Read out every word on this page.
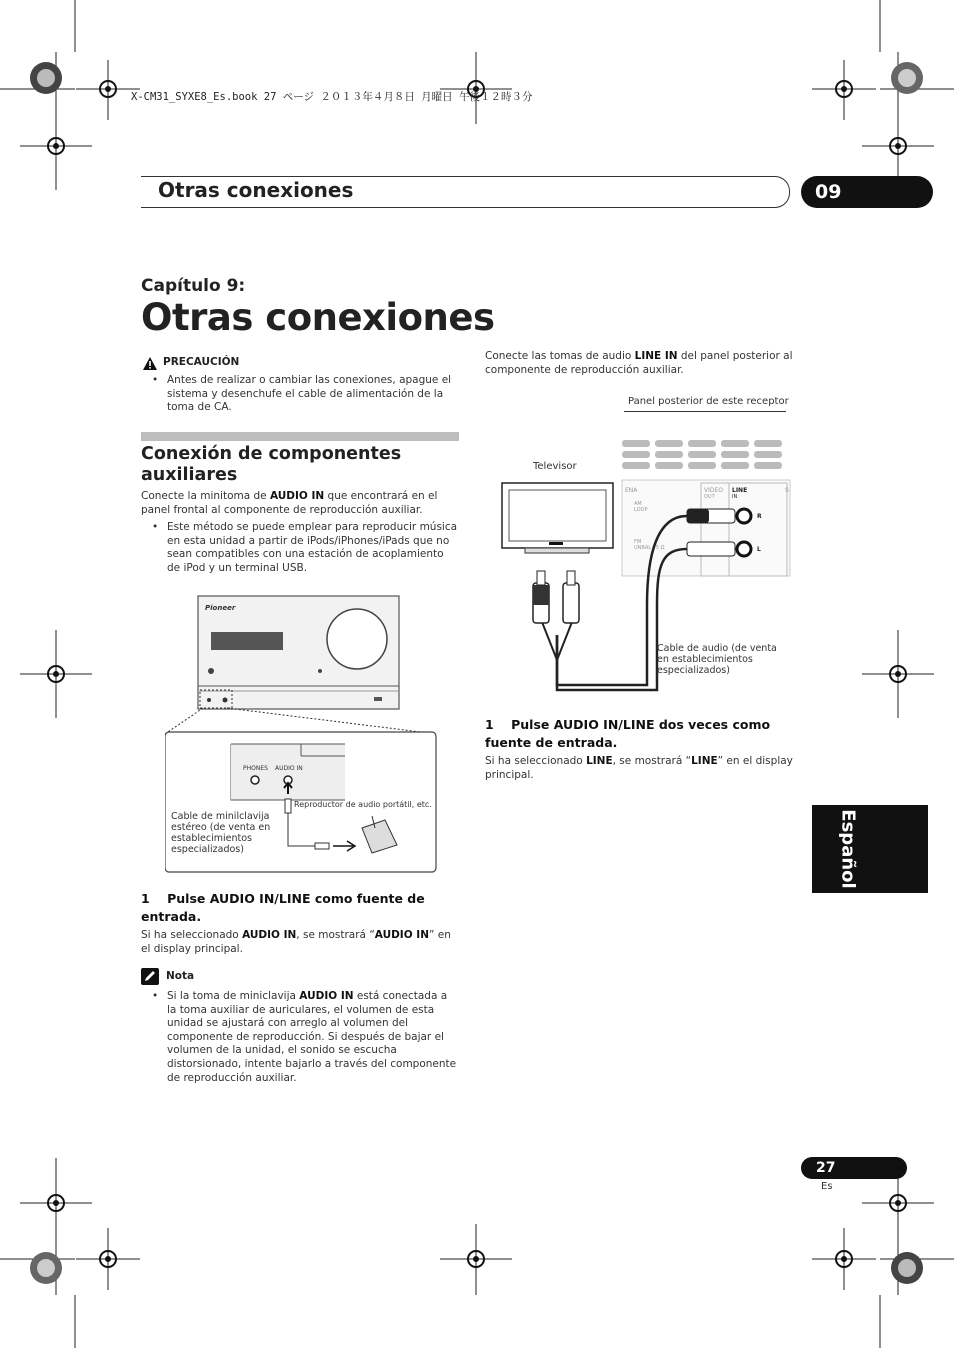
X-CM31_SYXE8_Es.book 27 ページ ２０１３年４月８日 月曜日 午後１２時３分
Otras conexiones	09
Capítulo 9:
Otras conexiones
PRECAUCIÓN
• Antes de realizar o cambiar las conexiones, apague el sistema y desenchufe el cable de alimentación de la toma de CA.
Conexión de componentes auxiliares
Conecte la minitoma de AUDIO IN que encontrará en el panel frontal al componente de reproducción auxiliar.
• Este método se puede emplear para reproducir música en esta unidad a partir de iPods/iPhones/iPads que no sean compatibles con una estación de acoplamiento de iPod y un terminal USB.
Pioneer
PHONES AUDIO IN
Reproductor de audio portátil, etc.
Cable de minilclavija estéreo (de venta en establecimientos especializados)
1 Pulse AUDIO IN/LINE como fuente de entrada.
Si ha seleccionado AUDIO IN, se mostrará “AUDIO IN” en el display principal.
Nota
• Si la toma de miniclavija AUDIO IN está conectada a la toma auxiliar de auriculares, el volumen de esta unidad se ajustará con arreglo al volumen del componente de reproducción. Si después de bajar el volumen de la unidad, el sonido se escucha distorsionado, intente bajarlo a través del componente de reproducción auxiliar.
Conecte las tomas de audio LINE IN del panel posterior al componente de reproducción auxiliar.
Panel posterior de este receptor
ENA
AM
LOOP
FM
UNBAL 75 Ω
VIDEO
OUT
LINE
IN
R
L
S
Televisor
Cable de audio (de venta en establecimientos especializados)
1 Pulse AUDIO IN/LINE dos veces como fuente de entrada.
Si ha seleccionado LINE, se mostrará “LINE” en el display principal.
Español
27
Es
